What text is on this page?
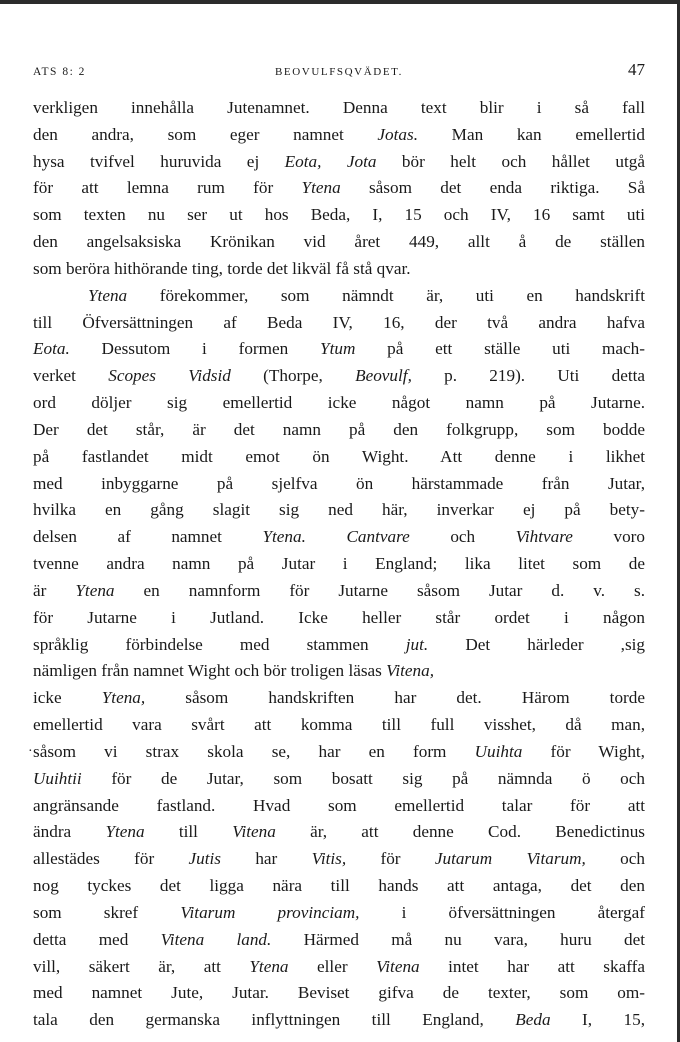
ATS 8: 2	BEOVULFSQVÄDET.	47
verkligen innehålla Jutenamnet. Denna text blir i så fall
den andra, som eger namnet Jotas. Man kan emellertid
hysa tvifvel huruvida ej Eota, Jota bör helt och hållet utgå
för att lemna rum för Ytena såsom det enda riktiga. Så
som texten nu ser ut hos Beda, I, 15 och IV, 16 samt uti
den angelsaksiska Krönikan vid året 449, allt å de ställen
som beröra hithörande ting, torde det likväl få stå qvar.
Ytena förekommer, som nämndt är, uti en handskrift
till Öfversättningen af Beda IV, 16, der två andra hafva
Eota. Dessutom i formen Ytum på ett ställe uti mach-
verket Scopes Vidsid (Thorpe, Beovulf, p. 219). Uti detta
ord döljer sig emellertid icke något namn på Jutarne.
Der det står, är det namn på den folkgrupp, som bodde
på fastlandet midt emot ön Wight. Att denne i likhet
med inbyggarne på sjelfva ön härstammade från Jutar,
hvilka en gång slagit sig ned här, inverkar ej på bety-
delsen af namnet Ytena. Cantvare och Vihtvare voro
tvenne andra namn på Jutar i England; lika litet som de
är Ytena en namnform för Jutarne såsom Jutar d. v. s.
för Jutarne i Jutland. Icke heller står ordet i någon
språklig förbindelse med stammen jut. Det härleder ,sig
nämligen från namnet Wight och bör troligen läsas Vitena,
icke Ytena, såsom handskriften har det. Härom torde
emellertid vara svårt att komma till full visshet, då man,
såsom vi strax skola se, har en form Uuihta för Wight,
Uuihtii för de Jutar, som bosatt sig på nämnda ö och
angränsande fastland. Hvad som emellertid talar för att
ändra Ytena till Vitena är, att denne Cod. Benedictinus
allestädes för Jutis har Vitis, för Jutarum Vitarum, och
nog tyckes det ligga nära till hands att antaga, det den
som skref Vitarum provinciam, i öfversättningen återgaf
detta med Vitena land. Härmed må nu vara, huru det
vill, säkert är, att Ytena eller Vitena intet har att skaffa
med namnet Jute, Jutar. Beviset gifva de texter, som om-
tala den germanska inflyttningen till England, Beda I, 15,
·
